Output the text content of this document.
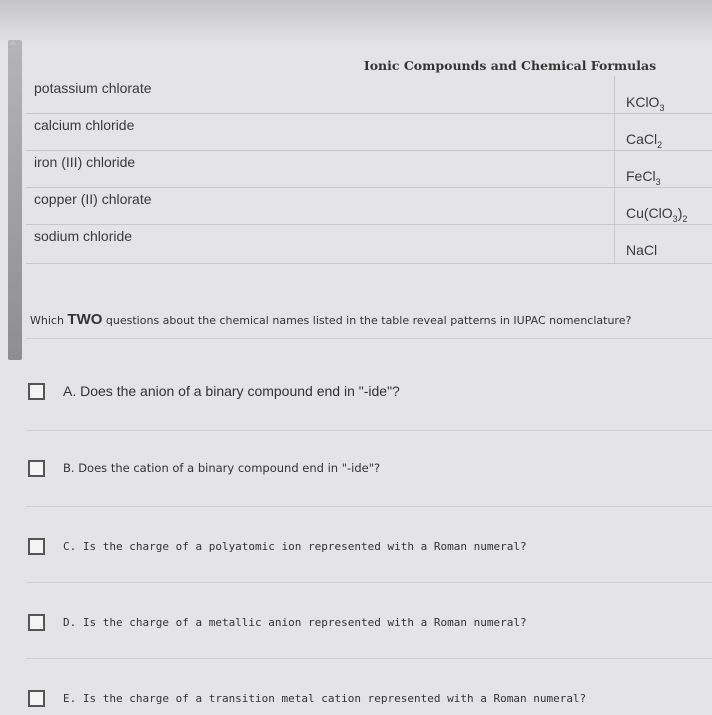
Ionic Compounds and Chemical Formulas
potassium chlorate
KClO$_3$
calcium chloride
CaCl$_2$
iron (III) chloride
FeCl$_3$
copper (II) chlorate
$Cu(ClO_3)_2$
sodium chloride
NaCl
Which TWO questions about the chemical names listed in the table reveal patterns in IUPAC nomenclature?
A. Does the anion of a binary compound end in "-ide"?
B. Does the cation of a binary compound end in "-ide"?
C. Is the charge of a polyatomic ion represented with a Roman numeral?
D. Is the charge of a metallic anion represented with a Roman numeral?
E. Is the charge of a transition metal cation represented with a Roman numeral?
